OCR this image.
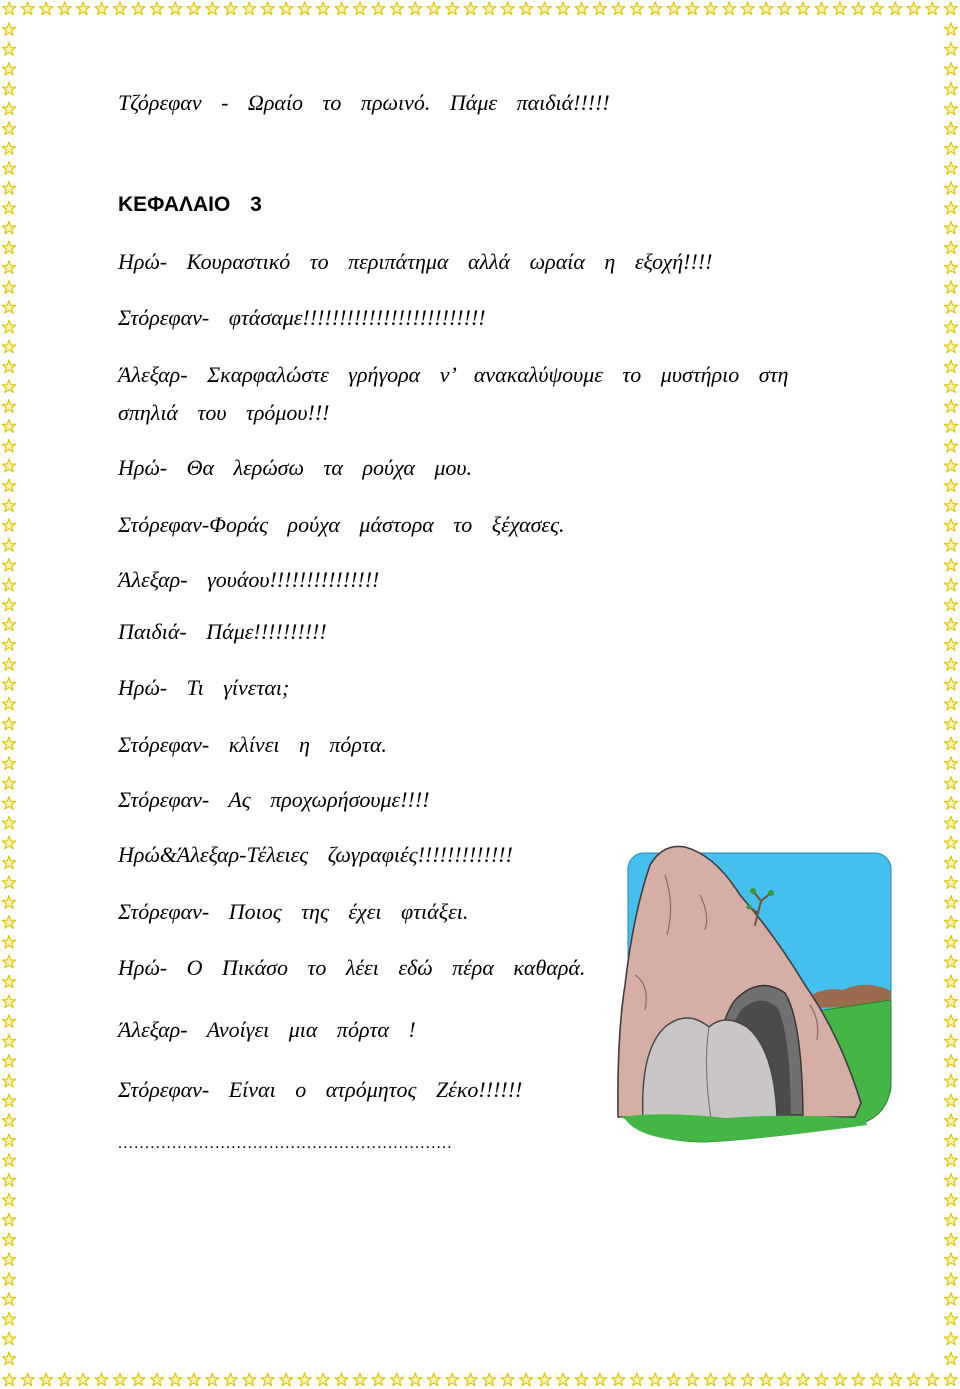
Τζόρεφαν - Ωραίο το πρωινό. Πάμε παιδιά!!!!!
ΚΕΦΑΛΑΙΟ 3
Ηρώ- Κουραστικό το περιπάτημα αλλά ωραία η εξοχή!!!!
Στόρεφαν- φτάσαμε!!!!!!!!!!!!!!!!!!!!!!!!!
Άλεξαρ- Σκαρφαλώστε γρήγορα ν’ ανακαλύψουμε το μυστήριο στη
σπηλιά του τρόμου!!!
Ηρώ- Θα λερώσω τα ρούχα μου.
Στόρεφαν-Φοράς ρούχα μάστορα το ξέχασες.
Άλεξαρ- γουάου!!!!!!!!!!!!!!!
Παιδιά- Πάμε!!!!!!!!!!
Ηρώ- Τι γίνεται;
Στόρεφαν- κλίνει η πόρτα.
Στόρεφαν- Ας προχωρήσουμε!!!!
Ηρώ&Άλεξαρ-Τέλειες ζωγραφιές!!!!!!!!!!!!!
Στόρεφαν- Ποιος της έχει φτιάξει.
Ηρώ- Ο Πικάσο το λέει εδώ πέρα καθαρά.
Άλεξαρ- Ανοίγει μια πόρτα !
Στόρεφαν- Είναι ο ατρόμητος Ζέκο!!!!!!
..............................................................
